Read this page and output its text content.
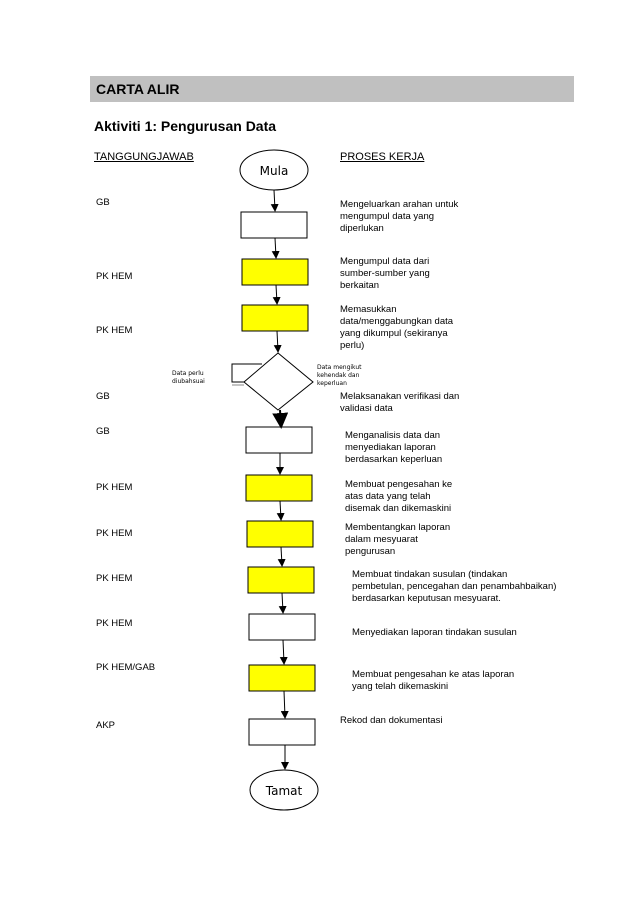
CARTA ALIR
Aktiviti 1: Pengurusan Data
TANGGUNGJAWAB	PROSES KERJA
GB
PK HEM
PK HEM
GB
GB
PK HEM
PK HEM
PK HEM
PK HEM
PK HEM/GAB
AKP
Mengeluarkan arahan untuk
mengumpul data yang
diperlukan
Mengumpul data dari
sumber-sumber yang
berkaitan
Memasukkan
data/menggabungkan data
yang dikumpul (sekiranya
perlu)
Melaksanakan verifikasi dan
validasi data
Menganalisis data dan
menyediakan laporan
berdasarkan keperluan
Membuat pengesahan ke
atas data yang telah
disemak dan dikemaskini
Membentangkan laporan
dalam mesyuarat
pengurusan
Membuat tindakan susulan (tindakan
pembetulan, pencegahan dan penambahbaikan)
berdasarkan keputusan mesyuarat.
Menyediakan laporan tindakan susulan
Membuat pengesahan ke atas laporan
yang telah dikemaskini
Rekod dan dokumentasi
Data perlu
diubahsuai
Data mengikut
kehendak dan
keperluan
Mula
Tamat
